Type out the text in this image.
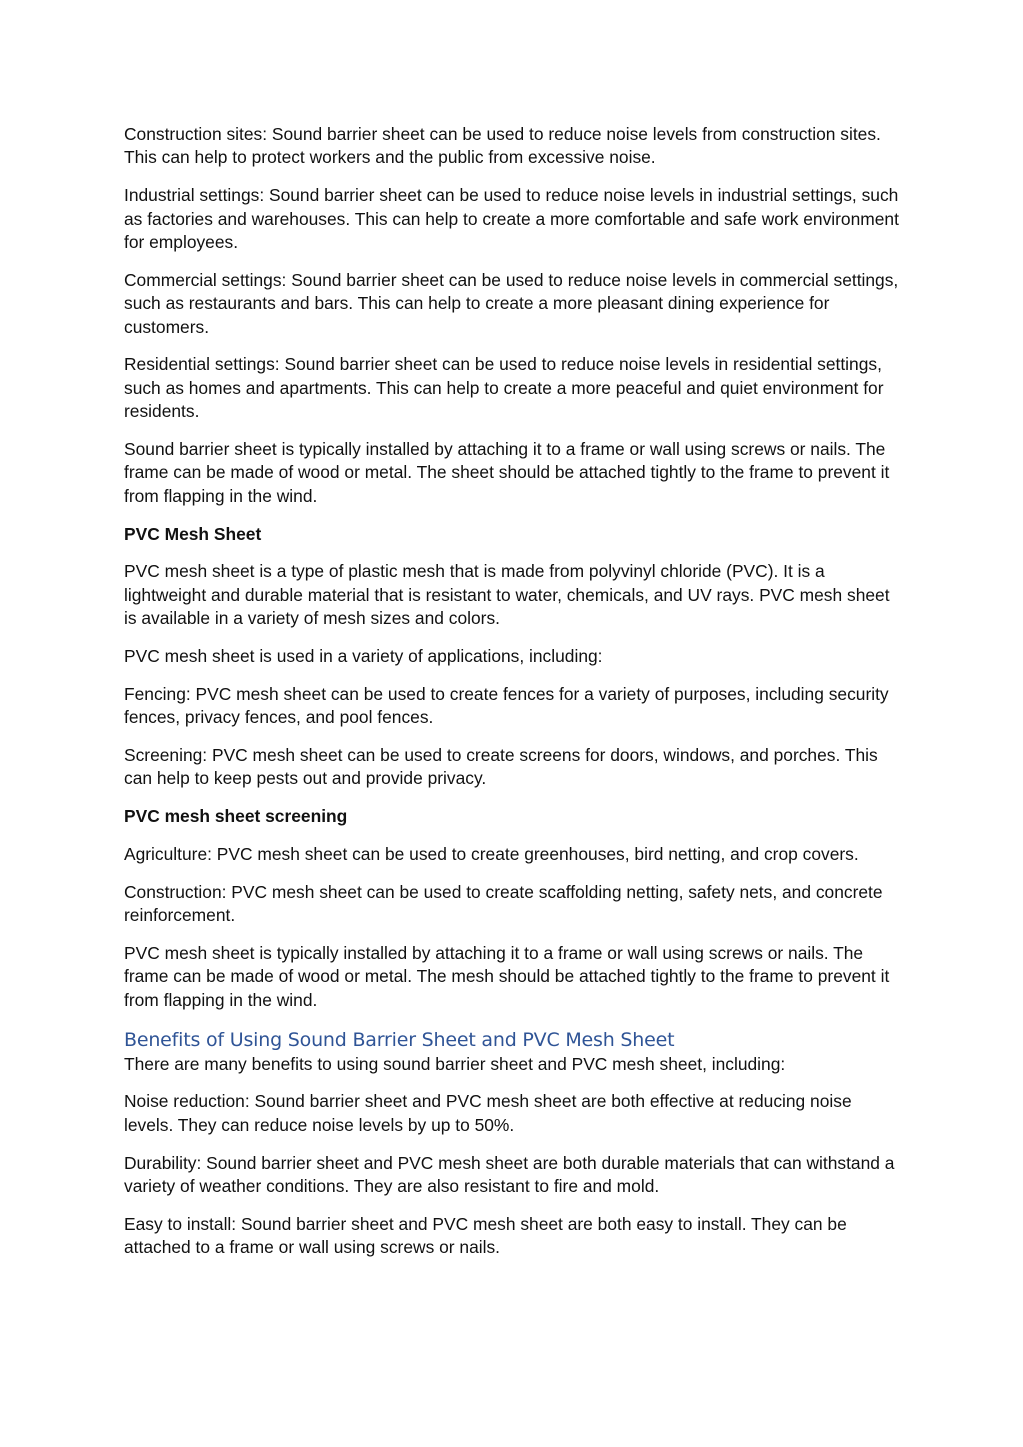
Construction sites: Sound barrier sheet can be used to reduce noise levels from construction sites. This can help to protect workers and the public from excessive noise.

Industrial settings: Sound barrier sheet can be used to reduce noise levels in industrial settings, such as factories and warehouses. This can help to create a more comfortable and safe work environment for employees.

Commercial settings: Sound barrier sheet can be used to reduce noise levels in commercial settings, such as restaurants and bars. This can help to create a more pleasant dining experience for customers.

Residential settings: Sound barrier sheet can be used to reduce noise levels in residential settings, such as homes and apartments. This can help to create a more peaceful and quiet environment for residents.

Sound barrier sheet is typically installed by attaching it to a frame or wall using screws or nails. The frame can be made of wood or metal. The sheet should be attached tightly to the frame to prevent it from flapping in the wind.

PVC Mesh Sheet

PVC mesh sheet is a type of plastic mesh that is made from polyvinyl chloride (PVC). It is a lightweight and durable material that is resistant to water, chemicals, and UV rays. PVC mesh sheet is available in a variety of mesh sizes and colors.

PVC mesh sheet is used in a variety of applications, including:

Fencing: PVC mesh sheet can be used to create fences for a variety of purposes, including security fences, privacy fences, and pool fences.

Screening: PVC mesh sheet can be used to create screens for doors, windows, and porches. This can help to keep pests out and provide privacy.

PVC mesh sheet screening

Agriculture: PVC mesh sheet can be used to create greenhouses, bird netting, and crop covers.

Construction: PVC mesh sheet can be used to create scaffolding netting, safety nets, and concrete reinforcement.

PVC mesh sheet is typically installed by attaching it to a frame or wall using screws or nails. The frame can be made of wood or metal. The mesh should be attached tightly to the frame to prevent it from flapping in the wind.

Benefits of Using Sound Barrier Sheet and PVC Mesh Sheet

There are many benefits to using sound barrier sheet and PVC mesh sheet, including:

Noise reduction: Sound barrier sheet and PVC mesh sheet are both effective at reducing noise levels. They can reduce noise levels by up to 50%.

Durability: Sound barrier sheet and PVC mesh sheet are both durable materials that can withstand a variety of weather conditions. They are also resistant to fire and mold.

Easy to install: Sound barrier sheet and PVC mesh sheet are both easy to install. They can be attached to a frame or wall using screws or nails.
